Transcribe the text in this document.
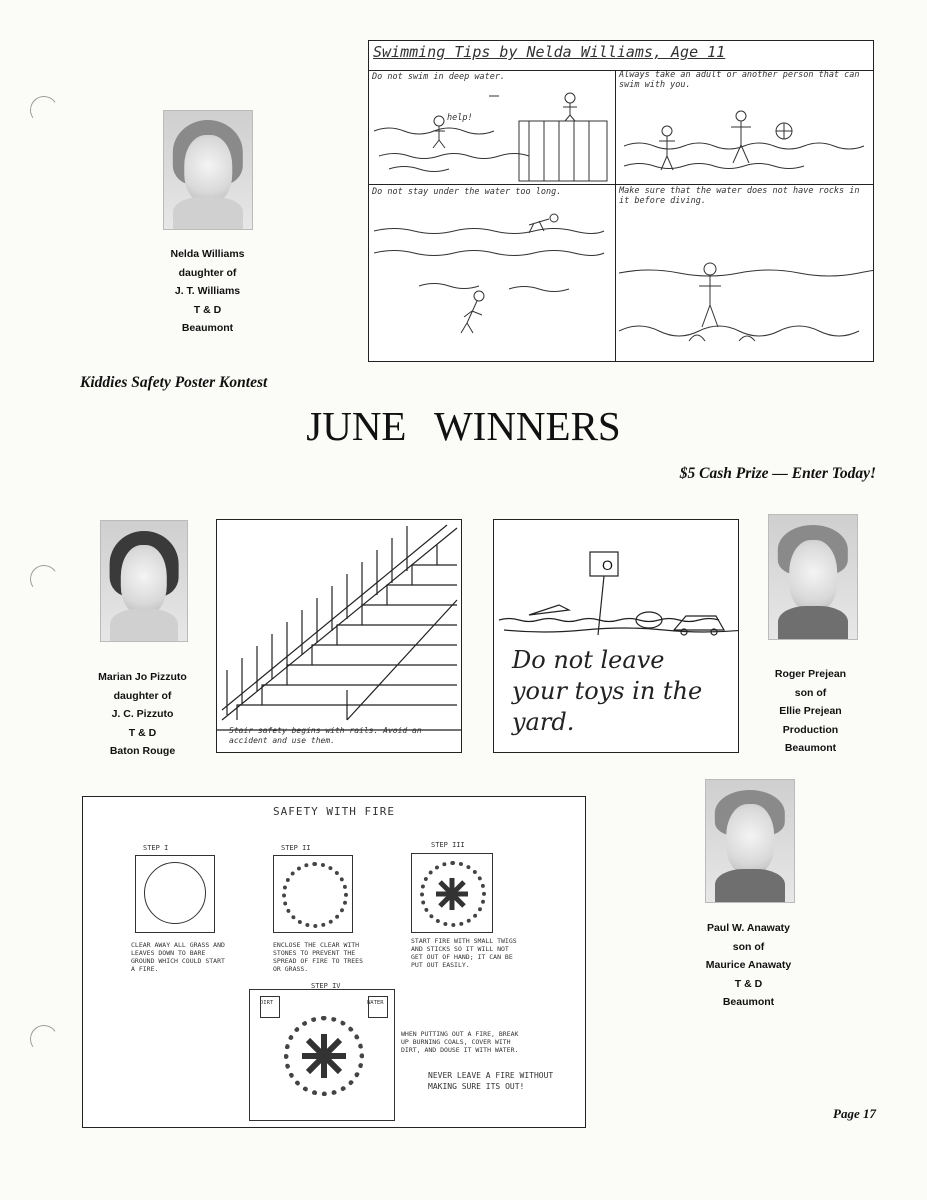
Nelda Williams
daughter of
J. T. Williams
T & D
Beaumont
Swimming Tips by Nelda Williams, Age 11
Do not swim in deep water.	Always take an adult or another person that can swim with you.
Do not stay under the water too long.	Make sure that the water does not have rocks in it before diving.
help!
Kiddies Safety Poster Kontest
JUNE WINNERS
$5 Cash Prize — Enter Today!
Marian Jo Pizzuto
daughter of
J. C. Pizzuto
T & D
Baton Rouge
Stair safety begins with rails. Avoid an accident and use them.
O
Do not leave your toys in the yard.
Roger Prejean
son of
Ellie Prejean
Production
Beaumont
SAFETY WITH FIRE
STEP I
CLEAR AWAY ALL GRASS AND LEAVES DOWN TO BARE GROUND WHICH COULD START A FIRE.
STEP II
ENCLOSE THE CLEAR WITH STONES TO PREVENT THE SPREAD OF FIRE TO TREES OR GRASS.
STEP III
START FIRE WITH SMALL TWIGS AND STICKS SO IT WILL NOT GET OUT OF HAND; IT CAN BE PUT OUT EASILY.
DIRT	WATER
STEP IV
WHEN PUTTING OUT A FIRE, BREAK UP BURNING COALS, COVER WITH DIRT, AND DOUSE IT WITH WATER.
NEVER LEAVE A FIRE WITHOUT MAKING SURE ITS OUT!
Paul W. Anawaty
son of
Maurice Anawaty
T & D
Beaumont
Page 17
